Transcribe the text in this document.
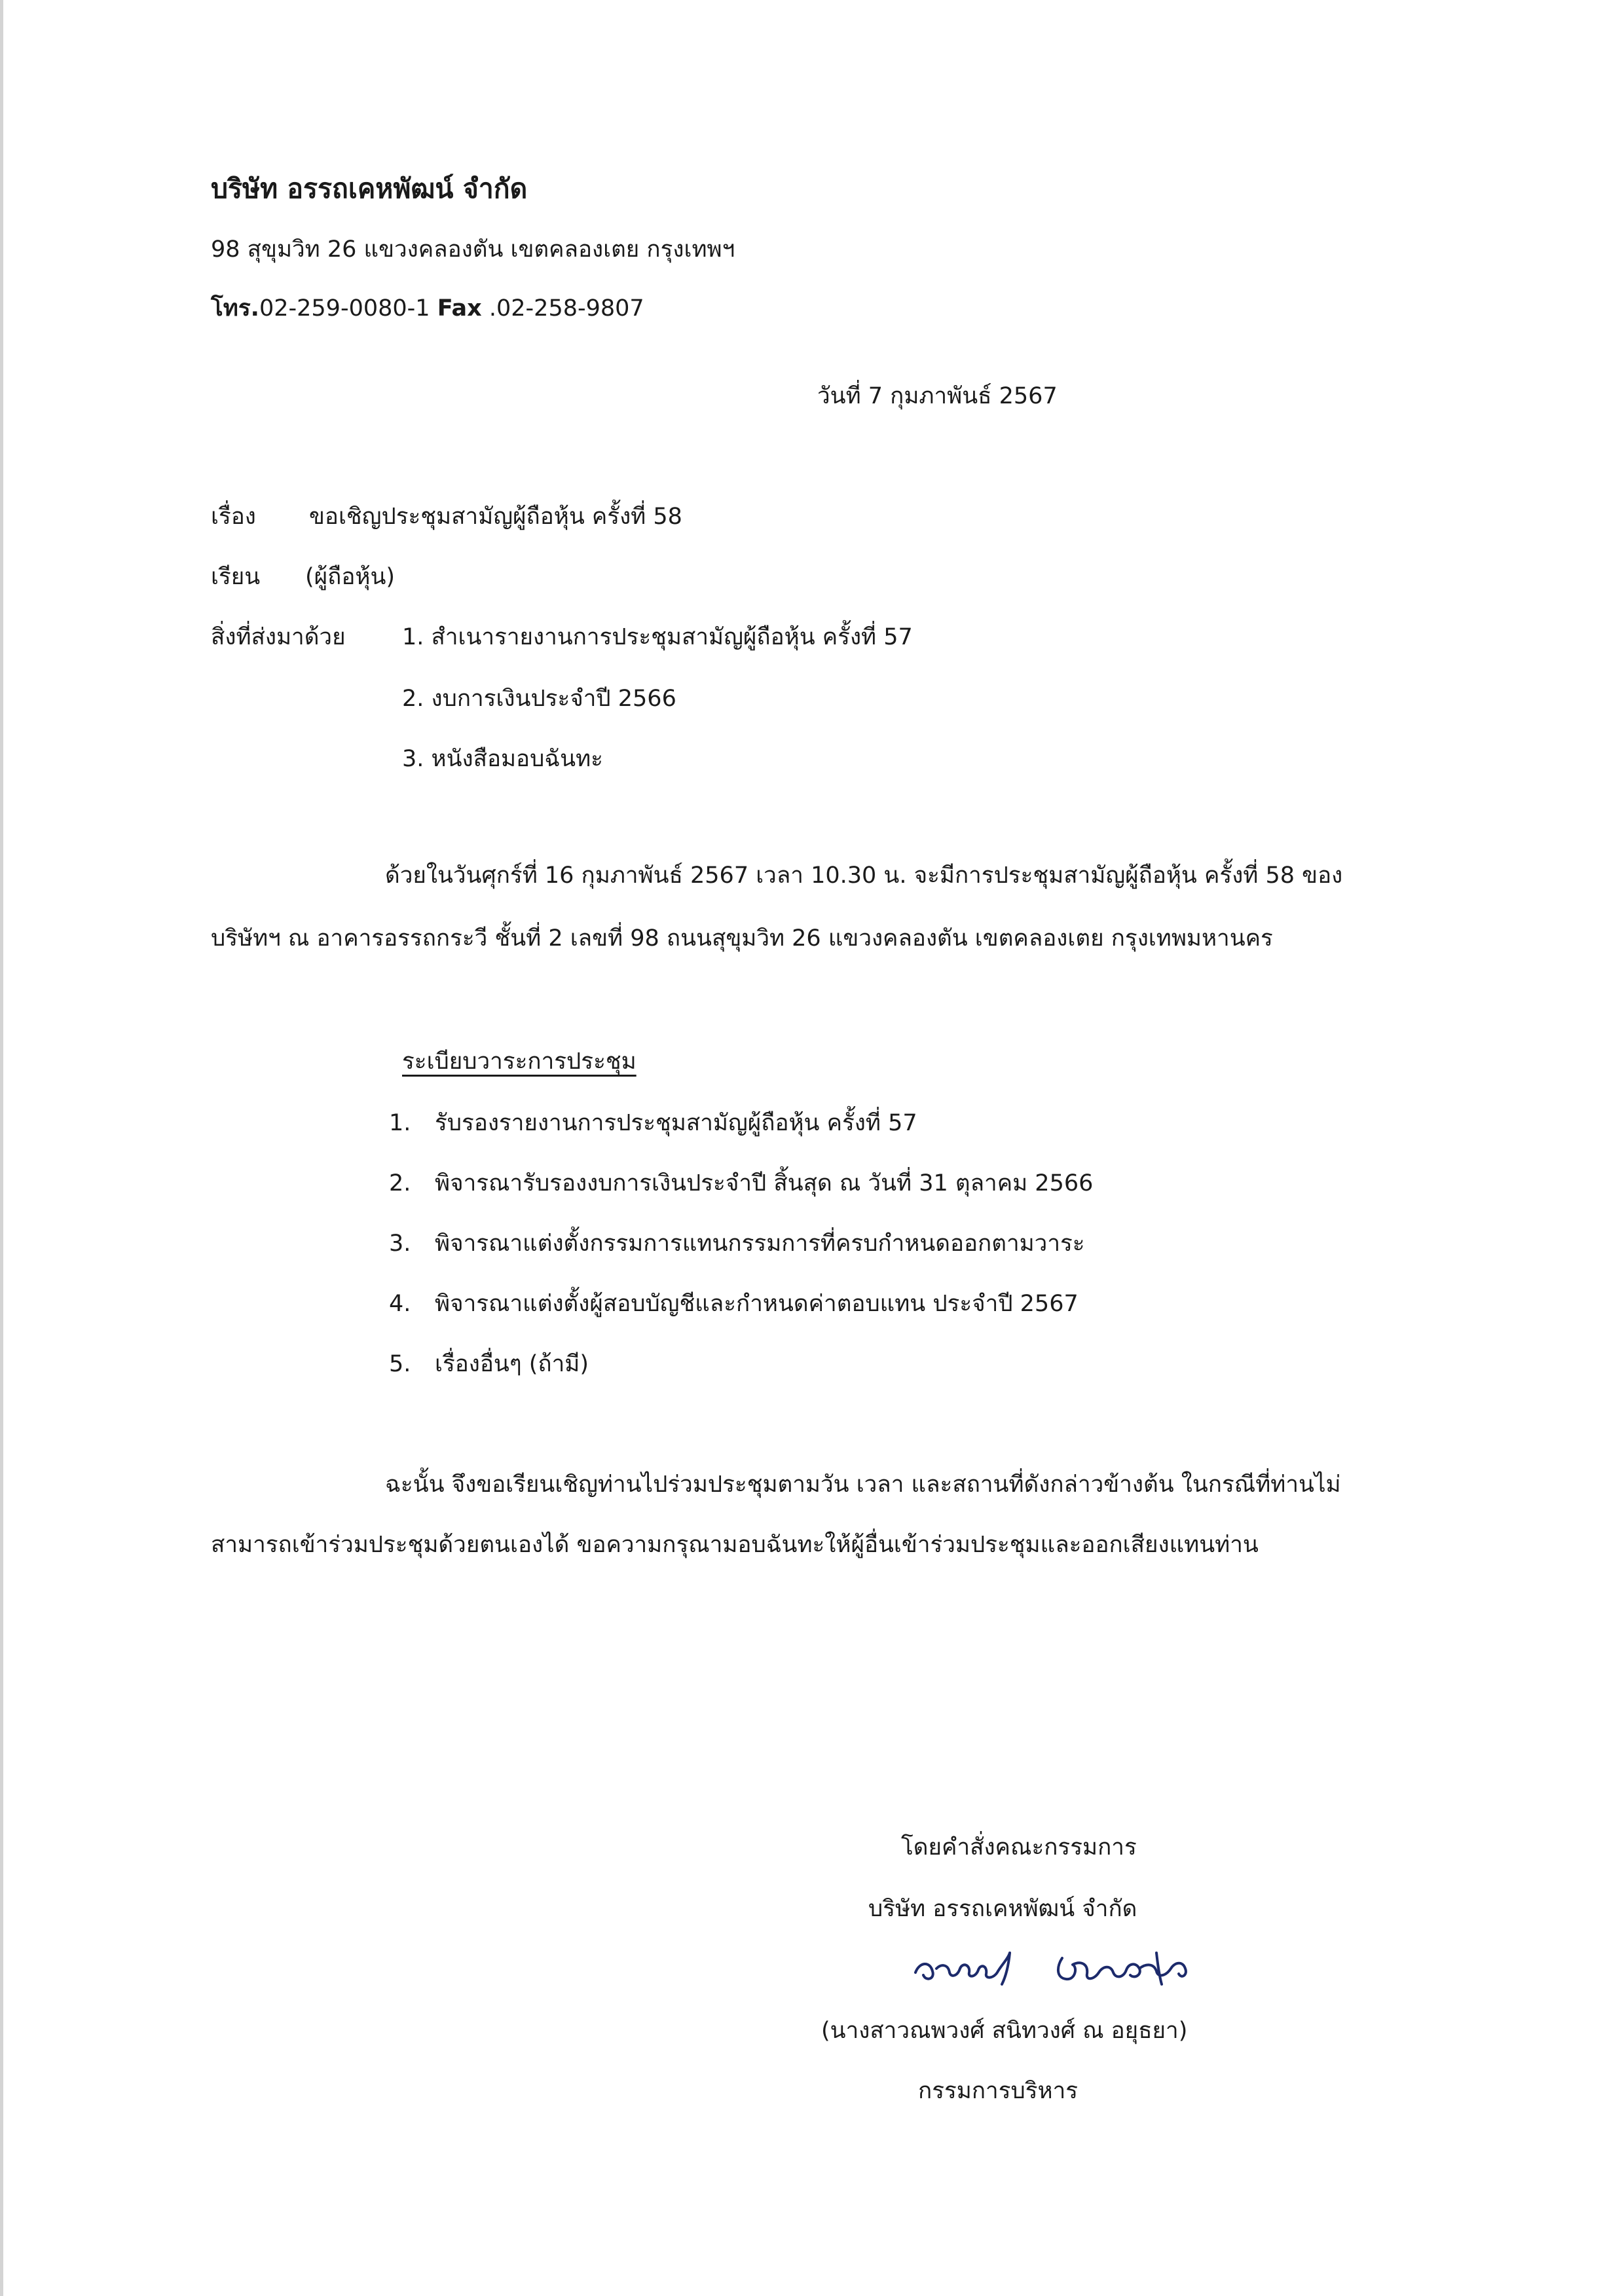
บริษัท อรรถเคหพัฒน์ จำกัด
98 สุขุมวิท 26 แขวงคลองตัน เขตคลองเตย กรุงเทพฯ
โทร.02-259-0080-1 Fax .02-258-9807
วันที่ 7 กุมภาพันธ์ 2567
เรื่อง ขอเชิญประชุมสามัญผู้ถือหุ้น ครั้งที่ 58
เรียน (ผู้ถือหุ้น)
สิ่งที่ส่งมาด้วย 1. สำเนารายงานการประชุมสามัญผู้ถือหุ้น ครั้งที่ 57
2. งบการเงินประจำปี 2566
3. หนังสือมอบฉันทะ
ด้วยในวันศุกร์ที่ 16 กุมภาพันธ์ 2567 เวลา 10.30 น. จะมีการประชุมสามัญผู้ถือหุ้น ครั้งที่ 58 ของ
บริษัทฯ ณ อาคารอรรถกระวี ชั้นที่ 2 เลขที่ 98 ถนนสุขุมวิท 26 แขวงคลองตัน เขตคลองเตย กรุงเทพมหานคร
ระเบียบวาระการประชุม
1. รับรองรายงานการประชุมสามัญผู้ถือหุ้น ครั้งที่ 57
2. พิจารณารับรองงบการเงินประจำปี สิ้นสุด ณ วันที่ 31 ตุลาคม 2566
3. พิจารณาแต่งตั้งกรรมการแทนกรรมการที่ครบกำหนดออกตามวาระ
4. พิจารณาแต่งตั้งผู้สอบบัญชีและกำหนดค่าตอบแทน ประจำปี 2567
5. เรื่องอื่นๆ (ถ้ามี)
ฉะนั้น จึงขอเรียนเชิญท่านไปร่วมประชุมตามวัน เวลา และสถานที่ดังกล่าวข้างต้น ในกรณีที่ท่านไม่
สามารถเข้าร่วมประชุมด้วยตนเองได้ ขอความกรุณามอบฉันทะให้ผู้อื่นเข้าร่วมประชุมและออกเสียงแทนท่าน
โดยคำสั่งคณะกรรมการ
บริษัท อรรถเคหพัฒน์ จำกัด
(นางสาวณพวงศ์ สนิทวงศ์ ณ อยุธยา)
กรรมการบริหาร
